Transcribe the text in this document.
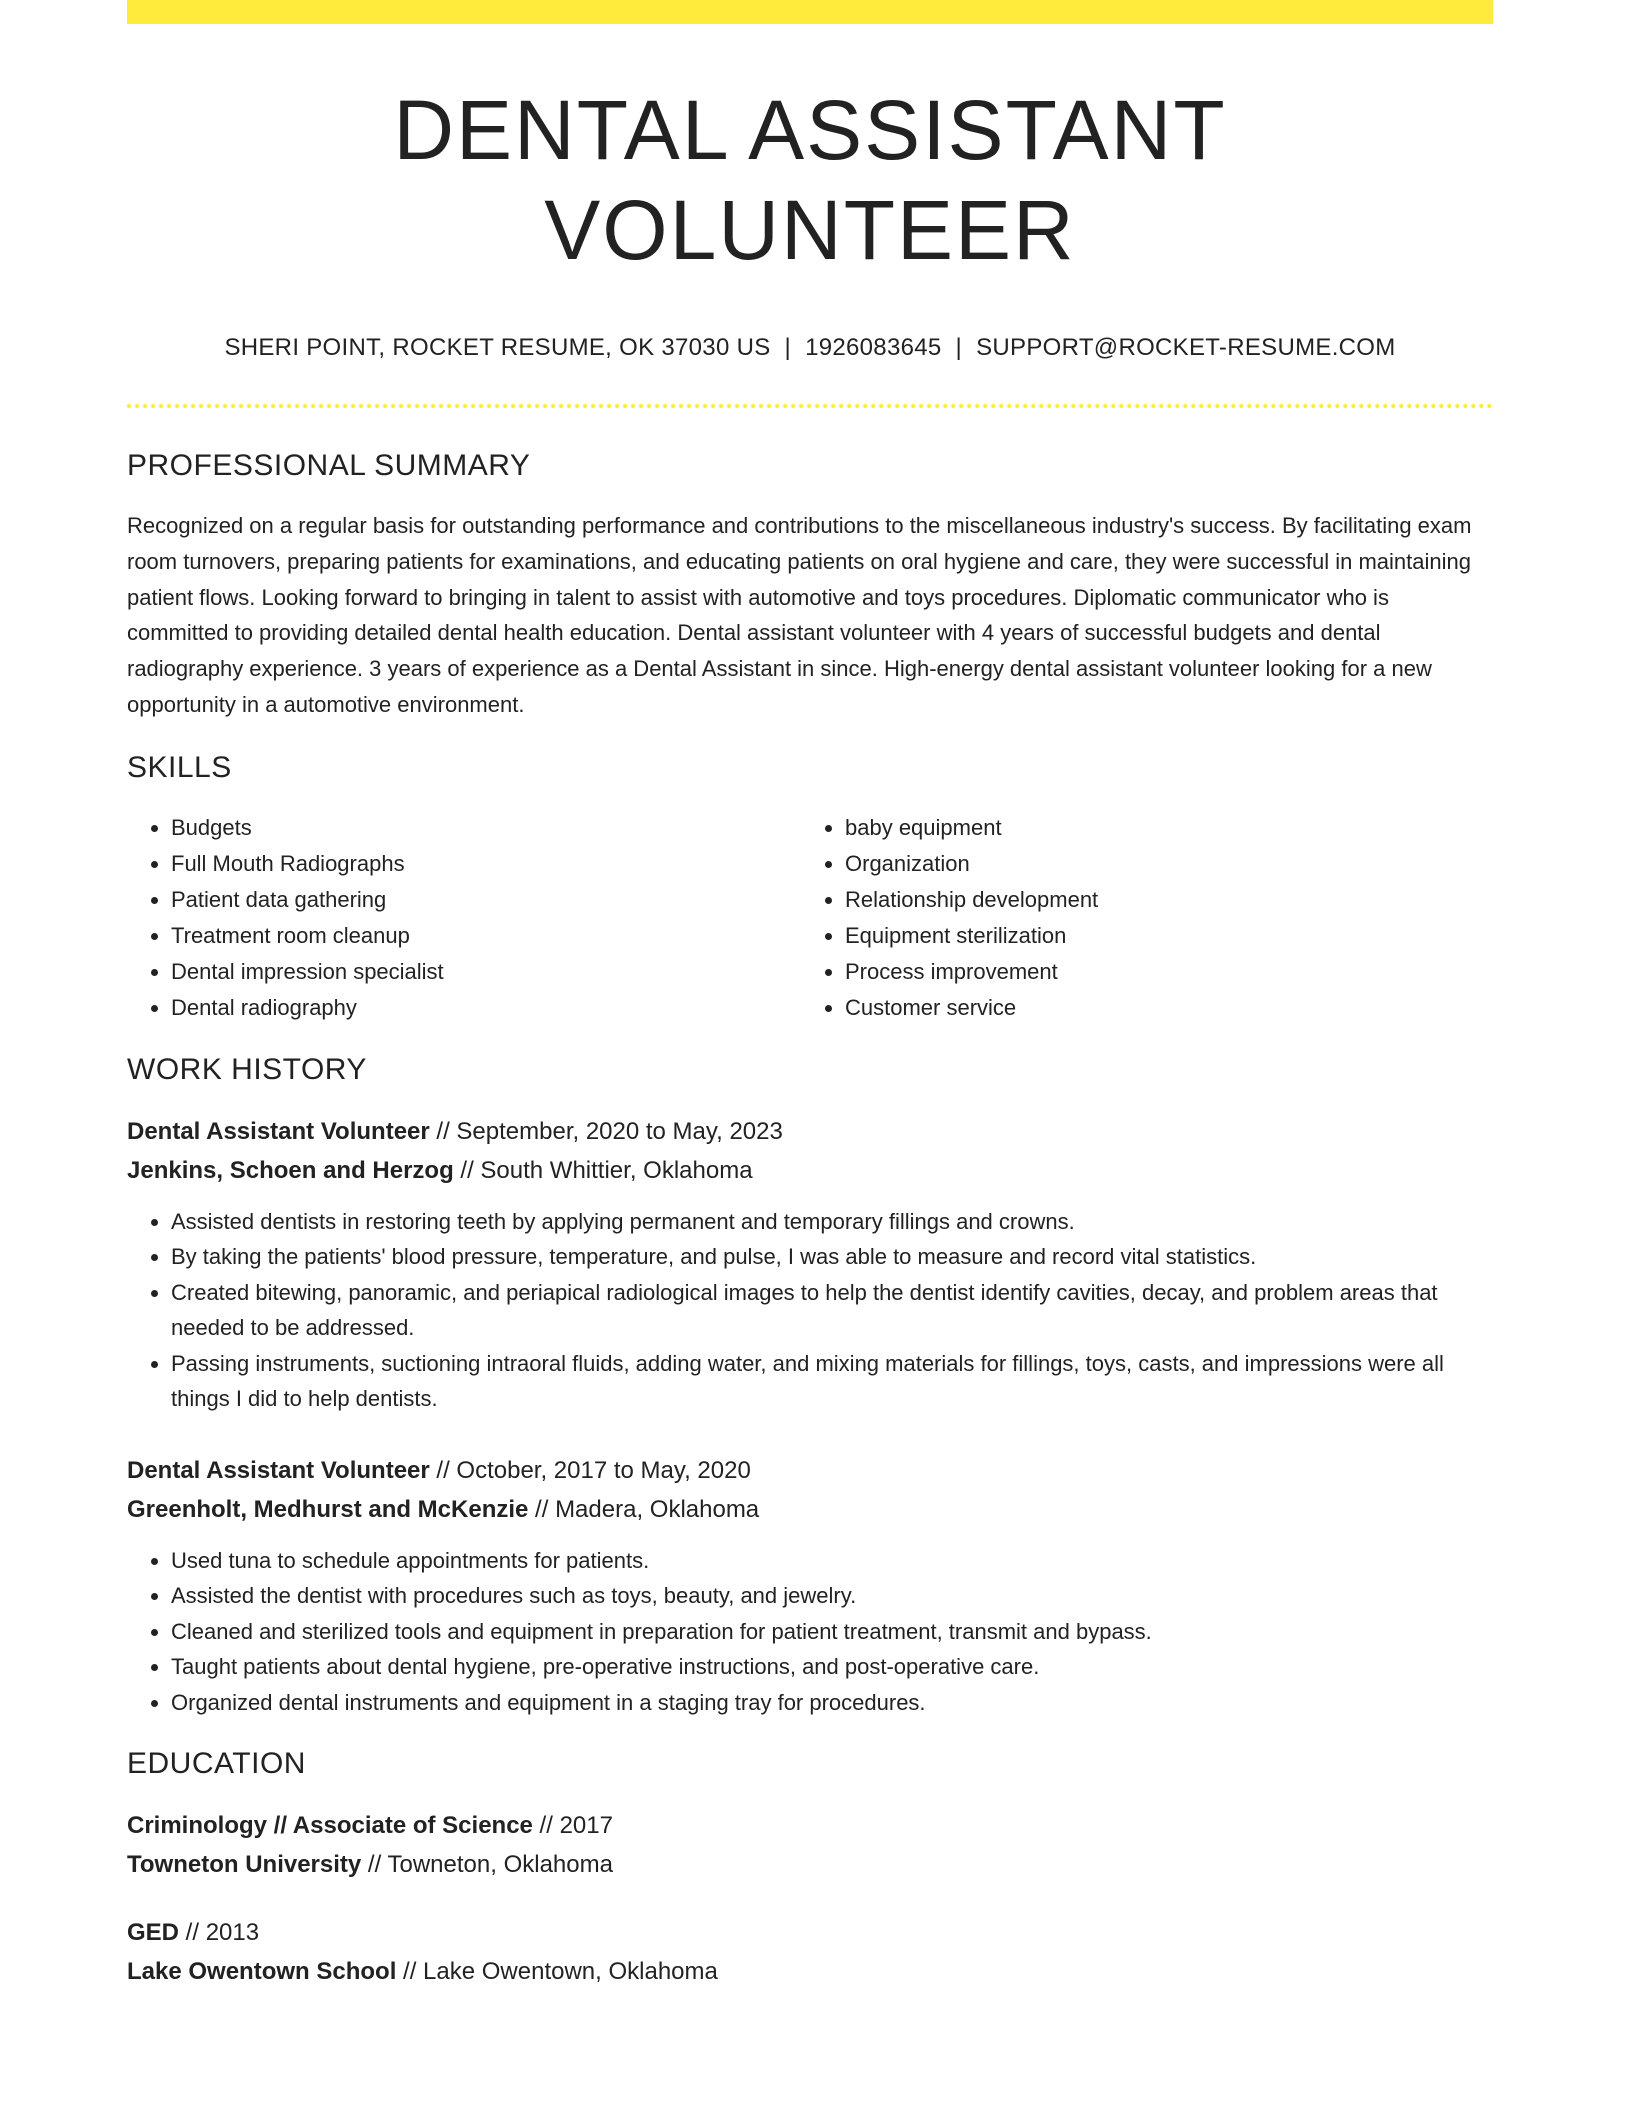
DENTAL ASSISTANT VOLUNTEER
SHERI POINT, ROCKET RESUME, OK 37030 US | 1926083645 | SUPPORT@ROCKET-RESUME.COM
PROFESSIONAL SUMMARY
Recognized on a regular basis for outstanding performance and contributions to the miscellaneous industry's success. By facilitating exam room turnovers, preparing patients for examinations, and educating patients on oral hygiene and care, they were successful in maintaining patient flows. Looking forward to bringing in talent to assist with automotive and toys procedures. Diplomatic communicator who is committed to providing detailed dental health education. Dental assistant volunteer with 4 years of successful budgets and dental radiography experience. 3 years of experience as a Dental Assistant in since. High-energy dental assistant volunteer looking for a new opportunity in a automotive environment.
SKILLS
• Budgets
• Full Mouth Radiographs
• Patient data gathering
• Treatment room cleanup
• Dental impression specialist
• Dental radiography
• baby equipment
• Organization
• Relationship development
• Equipment sterilization
• Process improvement
• Customer service
WORK HISTORY
Dental Assistant Volunteer // September, 2020 to May, 2023
Jenkins, Schoen and Herzog // South Whittier, Oklahoma
• Assisted dentists in restoring teeth by applying permanent and temporary fillings and crowns.
• By taking the patients' blood pressure, temperature, and pulse, I was able to measure and record vital statistics.
• Created bitewing, panoramic, and periapical radiological images to help the dentist identify cavities, decay, and problem areas that needed to be addressed.
• Passing instruments, suctioning intraoral fluids, adding water, and mixing materials for fillings, toys, casts, and impressions were all things I did to help dentists.
Dental Assistant Volunteer // October, 2017 to May, 2020
Greenholt, Medhurst and McKenzie // Madera, Oklahoma
• Used tuna to schedule appointments for patients.
• Assisted the dentist with procedures such as toys, beauty, and jewelry.
• Cleaned and sterilized tools and equipment in preparation for patient treatment, transmit and bypass.
• Taught patients about dental hygiene, pre-operative instructions, and post-operative care.
• Organized dental instruments and equipment in a staging tray for procedures.
EDUCATION
Criminology // Associate of Science // 2017
Towneton University // Towneton, Oklahoma
GED // 2013
Lake Owentown School // Lake Owentown, Oklahoma
